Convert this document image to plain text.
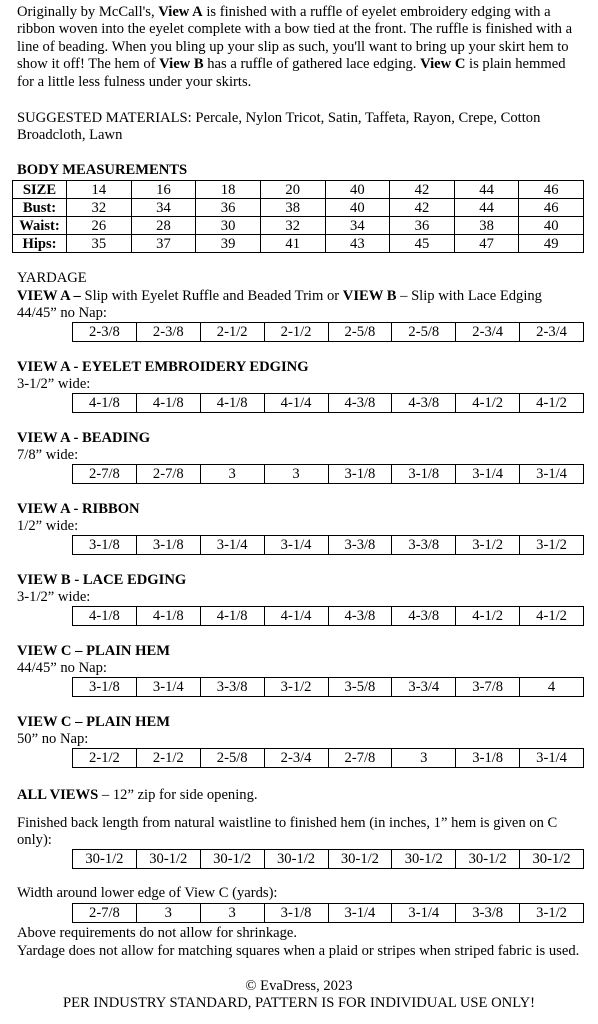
Originally by McCall's, View A is finished with a ruffle of eyelet embroidery edging with a ribbon woven into the eyelet complete with a bow tied at the front. The ruffle is finished with a line of beading. When you bling up your slip as such, you'll want to bring up your skirt hem to show it off! The hem of View B has a ruffle of gathered lace edging. View C is plain hemmed for a little less fulness under your skirts.

SUGGESTED MATERIALS: Percale, Nylon Tricot, Satin, Taffeta, Rayon, Crepe, Cotton Broadcloth, Lawn

BODY MEASUREMENTS

SIZE	14	16	18	20	40	42	44	46
Bust:	32	34	36	38	40	42	44	46
Waist:	26	28	30	32	34	36	38	40
Hips:	35	37	39	41	43	45	47	49

YARDAGE

VIEW A – Slip with Eyelet Ruffle and Beaded Trim or VIEW B – Slip with Lace Edging

44/45” no Nap:

2-3/8	2-3/8	2-1/2	2-1/2	2-5/8	2-5/8	2-3/4	2-3/4

VIEW A - EYELET EMBROIDERY EDGING

3-1/2” wide:

4-1/8	4-1/8	4-1/8	4-1/4	4-3/8	4-3/8	4-1/2	4-1/2

VIEW A - BEADING

7/8” wide:

2-7/8	2-7/8	3	3	3-1/8	3-1/8	3-1/4	3-1/4

VIEW A - RIBBON

1/2” wide:

3-1/8	3-1/8	3-1/4	3-1/4	3-3/8	3-3/8	3-1/2	3-1/2

VIEW B - LACE EDGING

3-1/2” wide:

4-1/8	4-1/8	4-1/8	4-1/4	4-3/8	4-3/8	4-1/2	4-1/2

VIEW C – PLAIN HEM

44/45” no Nap:

3-1/8	3-1/4	3-3/8	3-1/2	3-5/8	3-3/4	3-7/8	4

VIEW C – PLAIN HEM

50” no Nap:

2-1/2	2-1/2	2-5/8	2-3/4	2-7/8	3	3-1/8	3-1/4

ALL VIEWS – 12” zip for side opening.

Finished back length from natural waistline to finished hem (in inches, 1” hem is given on C only):

30-1/2	30-1/2	30-1/2	30-1/2	30-1/2	30-1/2	30-1/2	30-1/2

Width around lower edge of View C (yards):

2-7/8	3	3	3-1/8	3-1/4	3-1/4	3-3/8	3-1/2

Above requirements do not allow for shrinkage.

Yardage does not allow for matching squares when a plaid or stripes when striped fabric is used.

© EvaDress, 2023

PER INDUSTRY STANDARD, PATTERN IS FOR INDIVIDUAL USE ONLY!
